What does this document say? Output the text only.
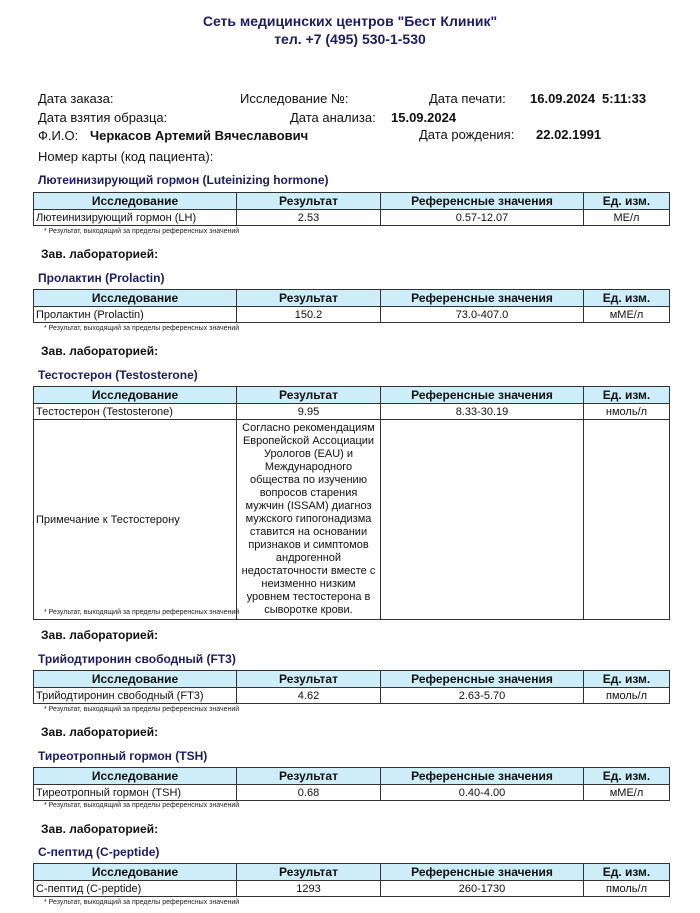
Сеть медицинских центров "Бест Клиник"
тел. +7 (495) 530-1-530
Дата заказа:	Исследование №:	Дата печати: 16.09.2024 5:11:33
Дата взятия образца:	Дата анализа: 15.09.2024
Ф.И.О: Черкасов Артемий Вячеславович	Дата рождения: 22.02.1991
Номер карты (код пациента):
Лютеинизирующий гормон (Luteinizing hormone)
Исследование	Результат	Референсные значения	Ед. изм.
Лютеинизирующий гормон (LH)	2.53	0.57-12.07	МЕ/л
* Результат, выходящий за пределы референсных значений
Зав. лабораторией:
Пролактин (Prolactin)
Исследование	Результат	Референсные значения	Ед. изм.
Пролактин (Prolactin)	150.2	73.0-407.0	мМЕ/л
* Результат, выходящий за пределы референсных значений
Зав. лабораторией:
Тестостерон (Testosterone)
Исследование	Результат	Референсные значения	Ед. изм.
Тестостерон (Testosterone)	9.95	8.33-30.19	нмоль/л
Примечание к Тестостерону	Согласно рекомендациям Европейской Ассоциации Урологов (EAU) и Международного общества по изучению вопросов старения мужчин (ISSAM) диагноз мужского гипогонадизма ставится на основании признаков и симптомов андрогенной недостаточности вместе с неизменно низким уровнем тестостерона в сыворотке крови.		
* Результат, выходящий за пределы референсных значений
Зав. лабораторией:
Трийодтиронин свободный (FT3)
Исследование	Результат	Референсные значения	Ед. изм.
Трийодтиронин свободный (FT3)	4.62	2.63-5.70	пмоль/л
* Результат, выходящий за пределы референсных значений
Зав. лабораторией:
Тиреотропный гормон (TSH)
Исследование	Результат	Референсные значения	Ед. изм.
Тиреотропный гормон (TSH)	0.68	0.40-4.00	мМЕ/л
* Результат, выходящий за пределы референсных значений
Зав. лабораторией:
С-пептид (C-peptide)
Исследование	Результат	Референсные значения	Ед. изм.
С-пептид (C-peptide)	1293	260-1730	пмоль/л
* Результат, выходящий за пределы референсных значений
